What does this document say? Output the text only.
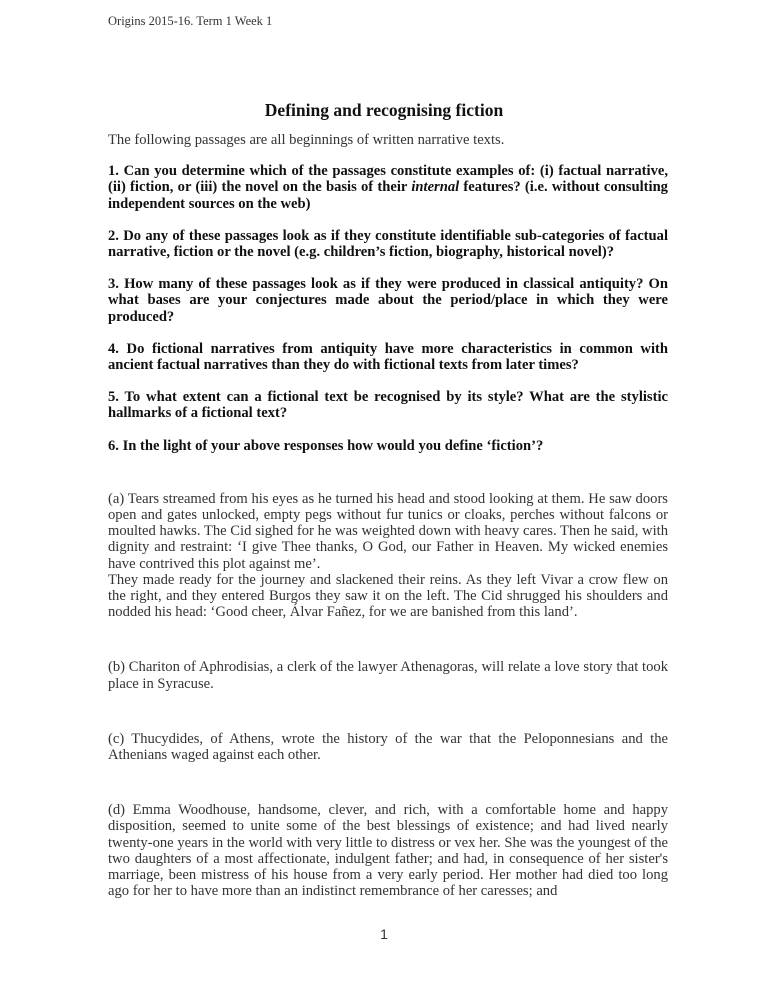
Origins 2015-16. Term 1 Week 1
Defining and recognising fiction

The following passages are all beginnings of written narrative texts.

1. Can you determine which of the passages constitute examples of: (i) factual narrative, (ii) fiction, or (iii) the novel on the basis of their internal features? (i.e. without consulting independent sources on the web)

2. Do any of these passages look as if they constitute identifiable sub-categories of factual narrative, fiction or the novel (e.g. children’s fiction, biography, historical novel)?

3. How many of these passages look as if they were produced in classical antiquity? On what bases are your conjectures made about the period/place in which they were produced?

4. Do fictional narratives from antiquity have more characteristics in common with ancient factual narratives than they do with fictional texts from later times?

5. To what extent can a fictional text be recognised by its style? What are the stylistic hallmarks of a fictional text?

6. In the light of your above responses how would you define ‘fiction’?

(a) Tears streamed from his eyes as he turned his head and stood looking at them. He saw doors open and gates unlocked, empty pegs without fur tunics or cloaks, perches without falcons or moulted hawks. The Cid sighed for he was weighted down with heavy cares. Then he said, with dignity and restraint: ‘I give Thee thanks, O God, our Father in Heaven. My wicked enemies have contrived this plot against me’.

They made ready for the journey and slackened their reins. As they left Vivar a crow flew on the right, and they entered Burgos they saw it on the left. The Cid shrugged his shoulders and nodded his head: ‘Good cheer, Álvar Fañez, for we are banished from this land’.

(b) Chariton of Aphrodisias, a clerk of the lawyer Athenagoras, will relate a love story that took place in Syracuse.

(c) Thucydides, of Athens, wrote the history of the war that the Peloponnesians and the Athenians waged against each other.

(d) Emma Woodhouse, handsome, clever, and rich, with a comfortable home and happy disposition, seemed to unite some of the best blessings of existence; and had lived nearly twenty-one years in the world with very little to distress or vex her. She was the youngest of the two daughters of a most affectionate, indulgent father; and had, in consequence of her sister's marriage, been mistress of his house from a very early period. Her mother had died too long ago for her to have more than an indistinct remembrance of her caresses; and

1
